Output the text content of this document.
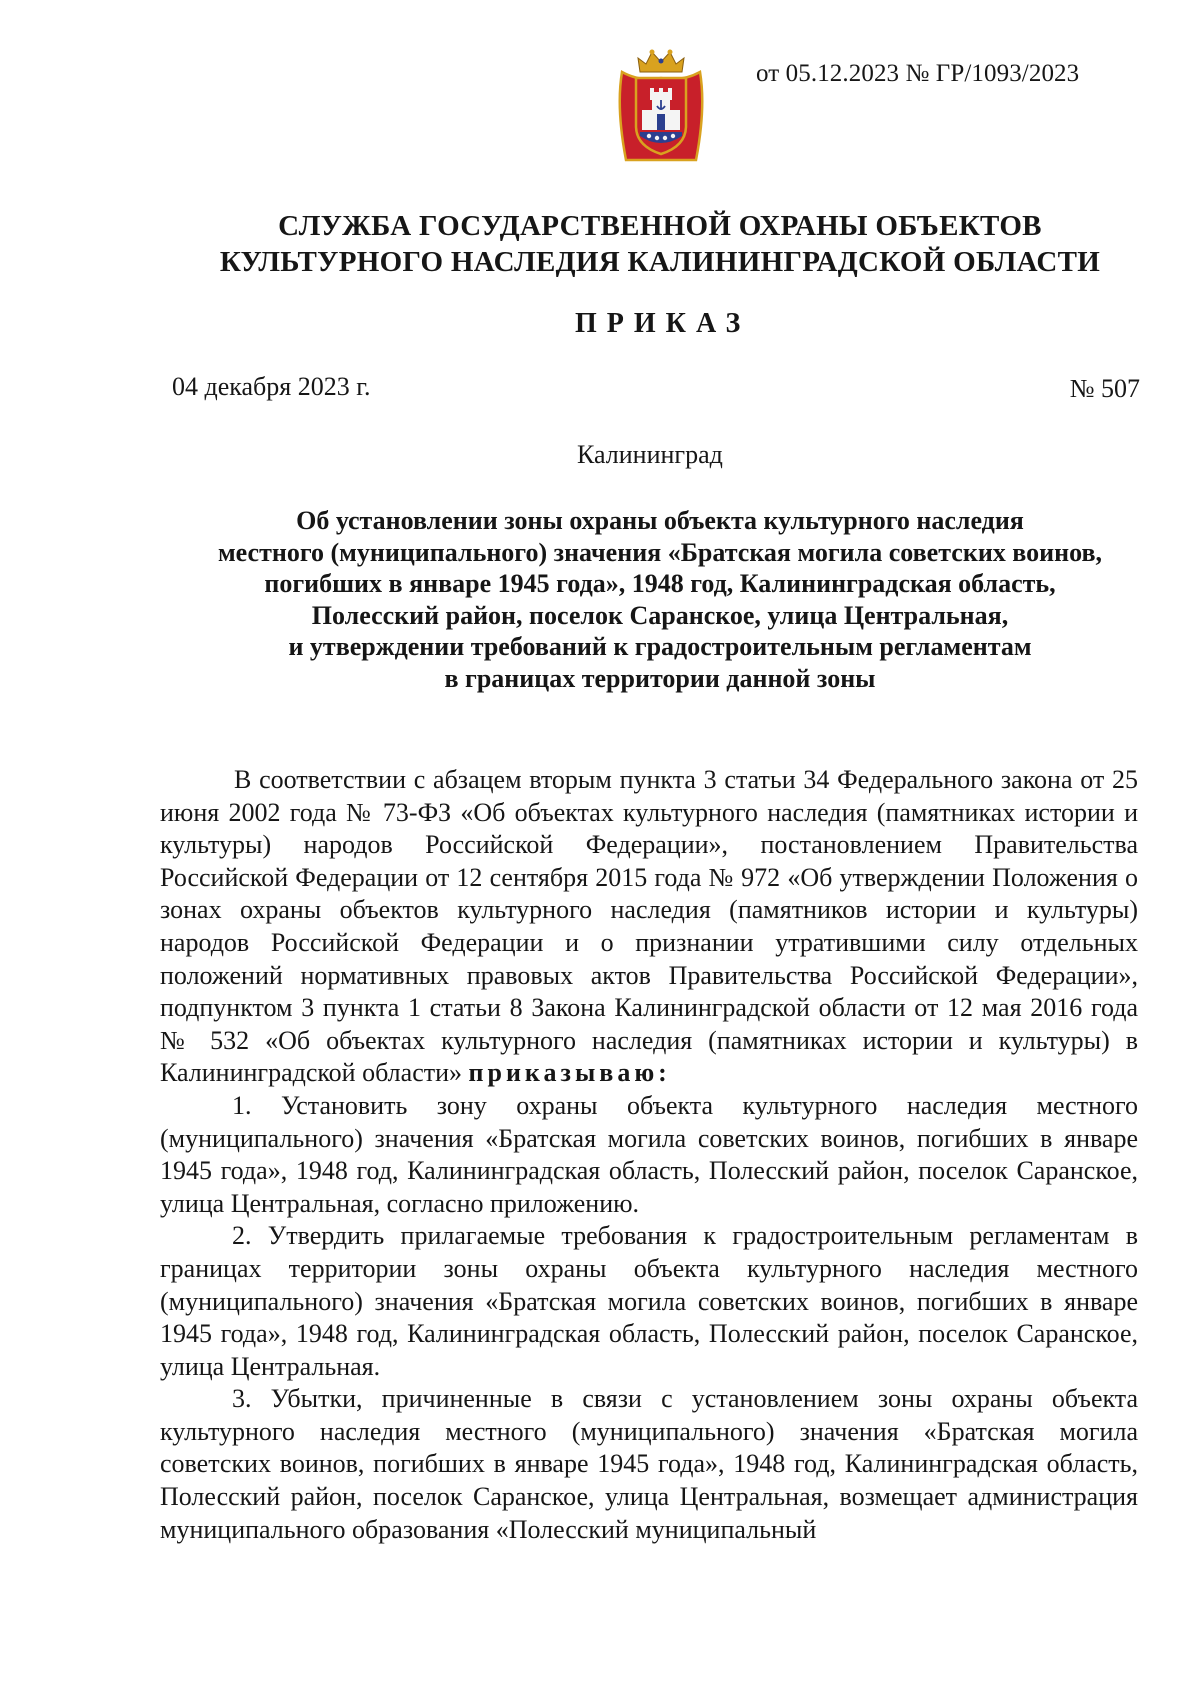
от 05.12.2023 № ГР/1093/2023
СЛУЖБА ГОСУДАРСТВЕННОЙ ОХРАНЫ ОБЪЕКТОВ
КУЛЬТУРНОГО НАСЛЕДИЯ КАЛИНИНГРАДСКОЙ ОБЛАСТИ
ПРИКАЗ
04 декабря 2023 г.	№ 507
Калининград
Об установлении зоны охраны объекта культурного наследия
местного (муниципального) значения «Братская могила советских воинов,
погибших в январе 1945 года», 1948 год, Калининградская область,
Полесский район, поселок Саранское, улица Центральная,
и утверждении требований к градостроительным регламентам
в границах территории данной зоны

В соответствии с абзацем вторым пункта 3 статьи 34 Федерального закона от 25 июня 2002 года № 73-ФЗ «Об объектах культурного наследия (памятниках истории и культуры) народов Российской Федерации», постановлением Правительства Российской Федерации от 12 сентября 2015 года № 972 «Об утверждении Положения о зонах охраны объектов культурного наследия (памятников истории и культуры) народов Российской Федерации и о признании утратившими силу отдельных положений нормативных правовых актов Правительства Российской Федерации», подпунктом 3 пункта 1 статьи 8 Закона Калининградской области от 12 мая 2016 года № 532 «Об объектах культурного наследия (памятниках истории и культуры) в Калининградской области» приказываю:

1. Установить зону охраны объекта культурного наследия местного (муниципального) значения «Братская могила советских воинов, погибших в январе 1945 года», 1948 год, Калининградская область, Полесский район, поселок Саранское, улица Центральная, согласно приложению.

2. Утвердить прилагаемые требования к градостроительным регламентам в границах территории зоны охраны объекта культурного наследия местного (муниципального) значения «Братская могила советских воинов, погибших в январе 1945 года», 1948 год, Калининградская область, Полесский район, поселок Саранское, улица Центральная.

3. Убытки, причиненные в связи с установлением зоны охраны объекта культурного наследия местного (муниципального) значения «Братская могила советских воинов, погибших в январе 1945 года», 1948 год, Калининградская область, Полесский район, поселок Саранское, улица Центральная, возмещает администрация муниципального образования «Полесский муниципальный
